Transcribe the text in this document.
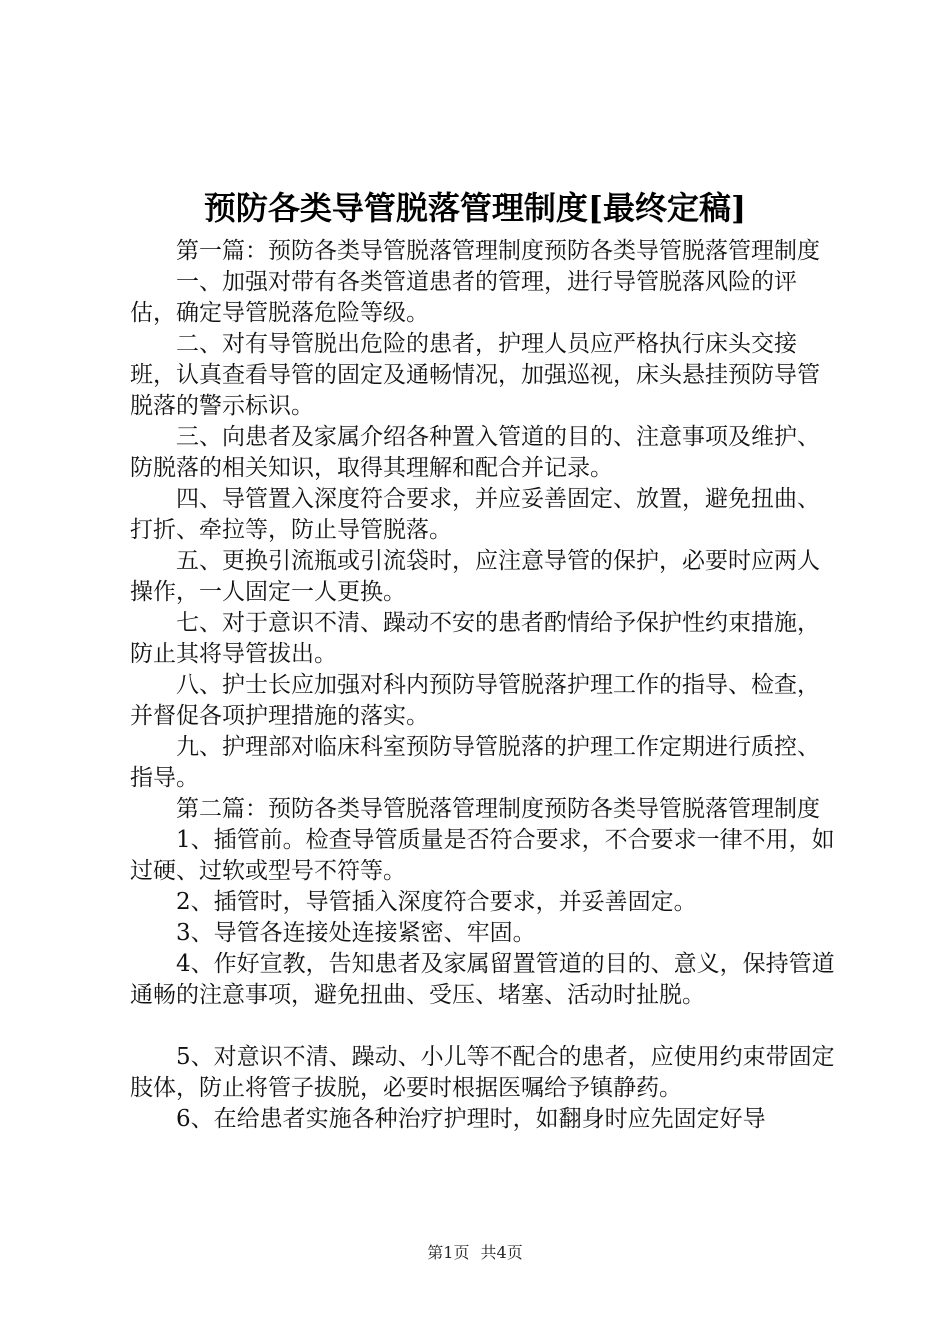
预防各类导管脱落管理制度[最终定稿]

第一篇：预防各类导管脱落管理制度预防各类导管脱落管理制度

一、加强对带有各类管道患者的管理，进行导管脱落风险的评估，确定导管脱落危险等级。

二、对有导管脱出危险的患者，护理人员应严格执行床头交接班，认真查看导管的固定及通畅情况，加强巡视，床头悬挂预防导管脱落的警示标识。

三、向患者及家属介绍各种置入管道的目的、注意事项及维护、防脱落的相关知识，取得其理解和配合并记录。

四、导管置入深度符合要求，并应妥善固定、放置，避免扭曲、打折、牵拉等，防止导管脱落。

五、更换引流瓶或引流袋时，应注意导管的保护，必要时应两人操作，一人固定一人更换。

七、对于意识不清、躁动不安的患者酌情给予保护性约束措施，防止其将导管拔出。

八、护士长应加强对科内预防导管脱落护理工作的指导、检查，并督促各项护理措施的落实。

九、护理部对临床科室预防导管脱落的护理工作定期进行质控、指导。

第二篇：预防各类导管脱落管理制度预防各类导管脱落管理制度

1、插管前。检查导管质量是否符合要求，不合要求一律不用，如过硬、过软或型号不符等。

2、插管时，导管插入深度符合要求，并妥善固定。

3、导管各连接处连接紧密、牢固。

4、作好宣教，告知患者及家属留置管道的目的、意义，保持管道通畅的注意事项，避免扭曲、受压、堵塞、活动时扯脱。

5、对意识不清、躁动、小儿等不配合的患者，应使用约束带固定肢体，防止将管子拔脱，必要时根据医嘱给予镇静药。

6、在给患者实施各种治疗护理时，如翻身时应先固定好导

第1页 共4页
